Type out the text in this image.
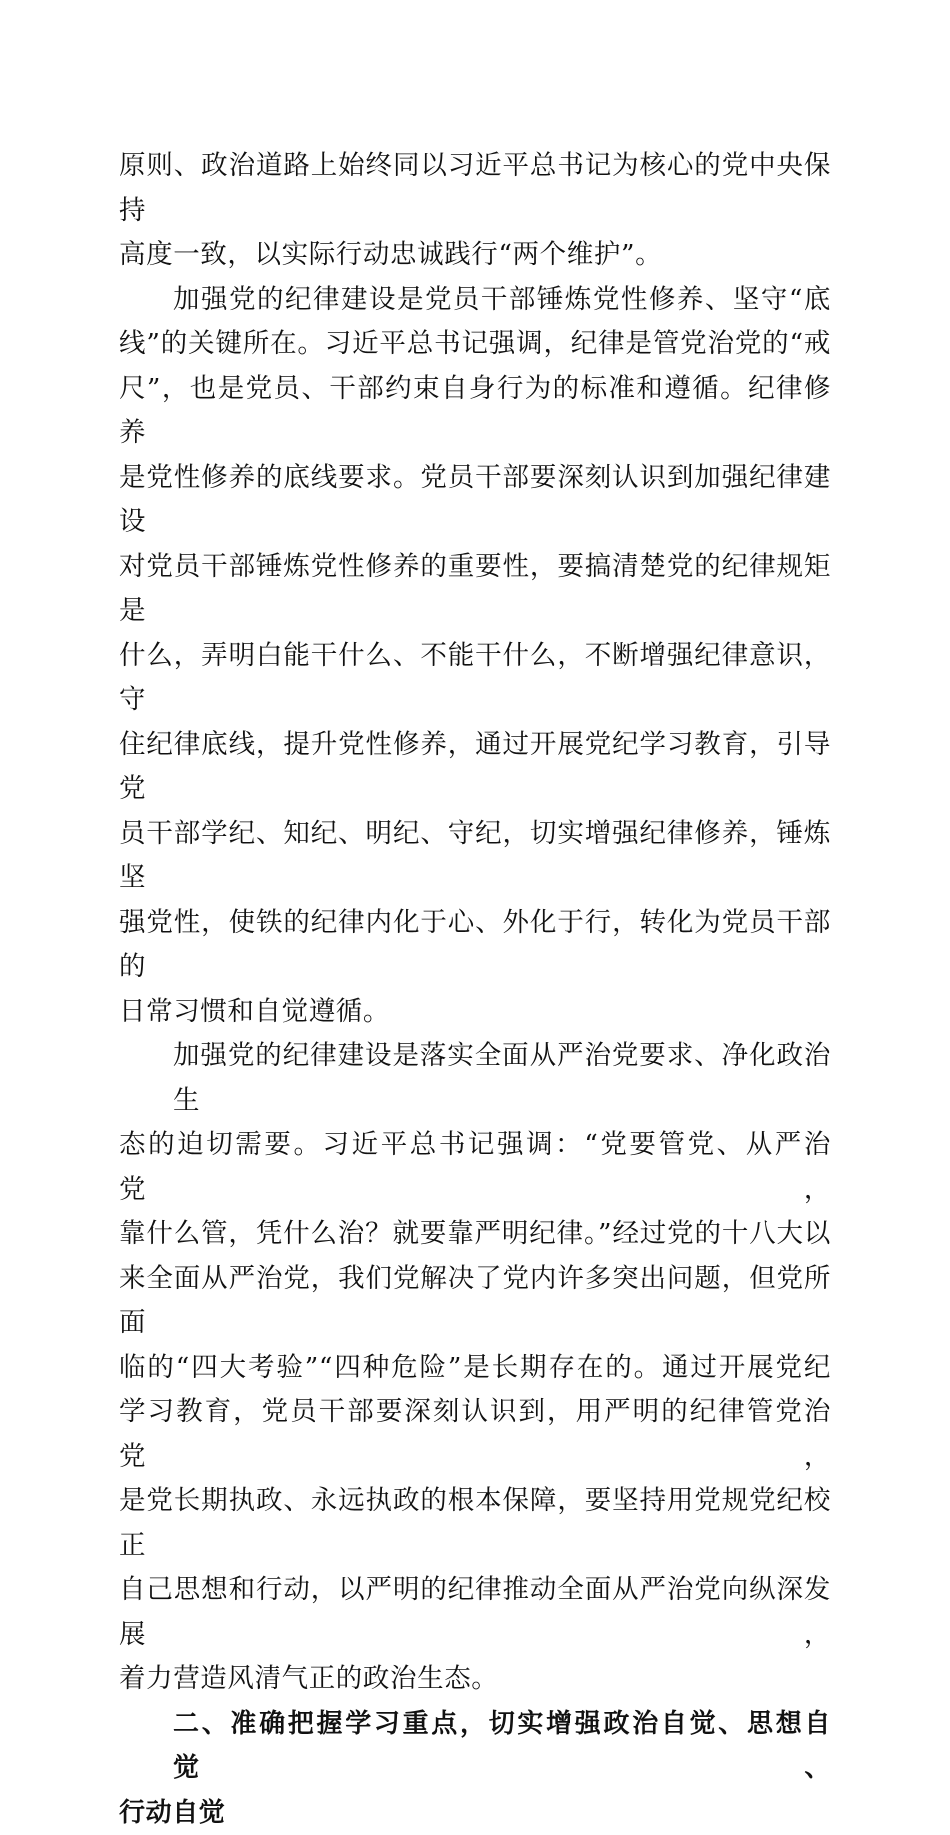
原则、政治道路上始终同以习近平总书记为核心的党中央保持
高度一致，以实际行动忠诚践行“两个维护”。

加强党的纪律建设是党员干部锤炼党性修养、坚守“底
线”的关键所在。习近平总书记强调，纪律是管党治党的“戒
尺”，也是党员、干部约束自身行为的标准和遵循。纪律修养
是党性修养的底线要求。党员干部要深刻认识到加强纪律建设
对党员干部锤炼党性修养的重要性，要搞清楚党的纪律规矩是
什么，弄明白能干什么、不能干什么，不断增强纪律意识，守
住纪律底线，提升党性修养，通过开展党纪学习教育，引导党
员干部学纪、知纪、明纪、守纪，切实增强纪律修养，锤炼坚
强党性，使铁的纪律内化于心、外化于行，转化为党员干部的
日常习惯和自觉遵循。

加强党的纪律建设是落实全面从严治党要求、净化政治生
态的迫切需要。习近平总书记强调：“党要管党、从严治党，
靠什么管，凭什么治？就要靠严明纪律。”经过党的十八大以
来全面从严治党，我们党解决了党内许多突出问题，但党所面
临的“四大考验”“四种危险”是长期存在的。通过开展党纪
学习教育，党员干部要深刻认识到，用严明的纪律管党治党，
是党长期执政、永远执政的根本保障，要坚持用党规党纪校正
自己思想和行动，以严明的纪律推动全面从严治党向纵深发展，
着力营造风清气正的政治生态。

二、准确把握学习重点，切实增强政治自觉、思想自觉、
行动自觉
